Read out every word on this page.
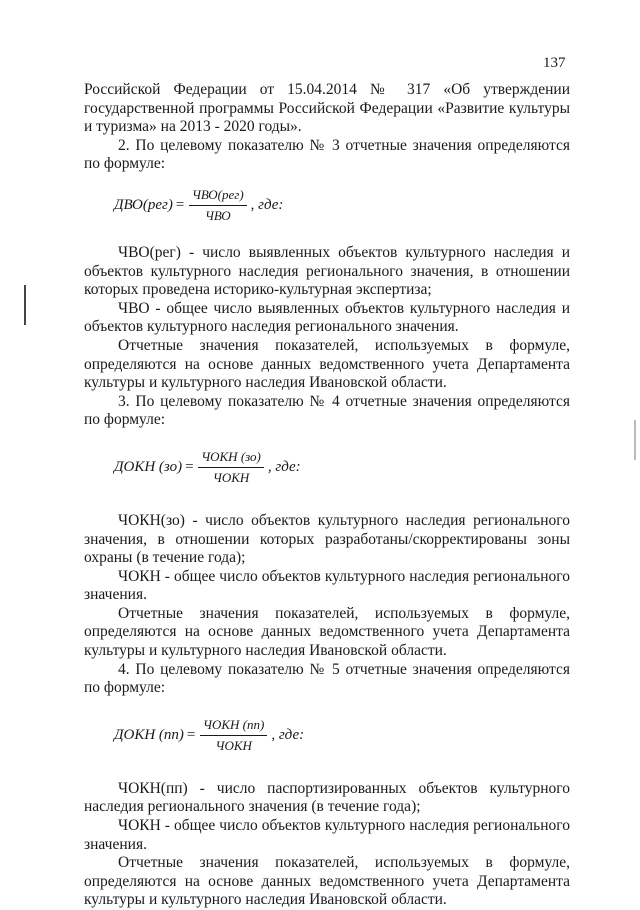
137

Российской Федерации от 15.04.2014 № 317 «Об утверждении государственной программы Российской Федерации «Развитие культуры и туризма» на 2013 - 2020 годы».

2. По целевому показателю № 3 отчетные значения определяются по формуле:

$ДВО(рег) = \frac{\text{ЧВО(рег)}}{\text{ЧВО}}$ , где:

ЧВО(рег) - число выявленных объектов культурного наследия и объектов культурного наследия регионального значения, в отношении которых проведена историко-культурная экспертиза;

ЧВО - общее число выявленных объектов культурного наследия и объектов культурного наследия регионального значения.

Отчетные значения показателей, используемых в формуле, определяются на основе данных ведомственного учета Департамента культуры и культурного наследия Ивановской области.

3. По целевому показателю № 4 отчетные значения определяются по формуле:

ДОКН $(зо) = \frac{\text{ЧОКН (зо)}}{\text{ЧОКН}}$ , где:

ЧОКН(зо) - число объектов культурного наследия регионального значения, в отношении которых разработаны/скорректированы зоны охраны (в течение года);

ЧОКН - общее число объектов культурного наследия регионального значения.

Отчетные значения показателей, используемых в формуле, определяются на основе данных ведомственного учета Департамента культуры и культурного наследия Ивановской области.

4. По целевому показателю № 5 отчетные значения определяются по формуле:

ДОКН $(пп) = \frac{\text{ЧОКН (пп)}}{\text{ЧОКН}}$ , где:

ЧОКН(пп) - число паспортизированных объектов культурного наследия регионального значения (в течение года);

ЧОКН - общее число объектов культурного наследия регионального значения.

Отчетные значения показателей, используемых в формуле, определяются на основе данных ведомственного учета Департамента культуры и культурного наследия Ивановской области.
